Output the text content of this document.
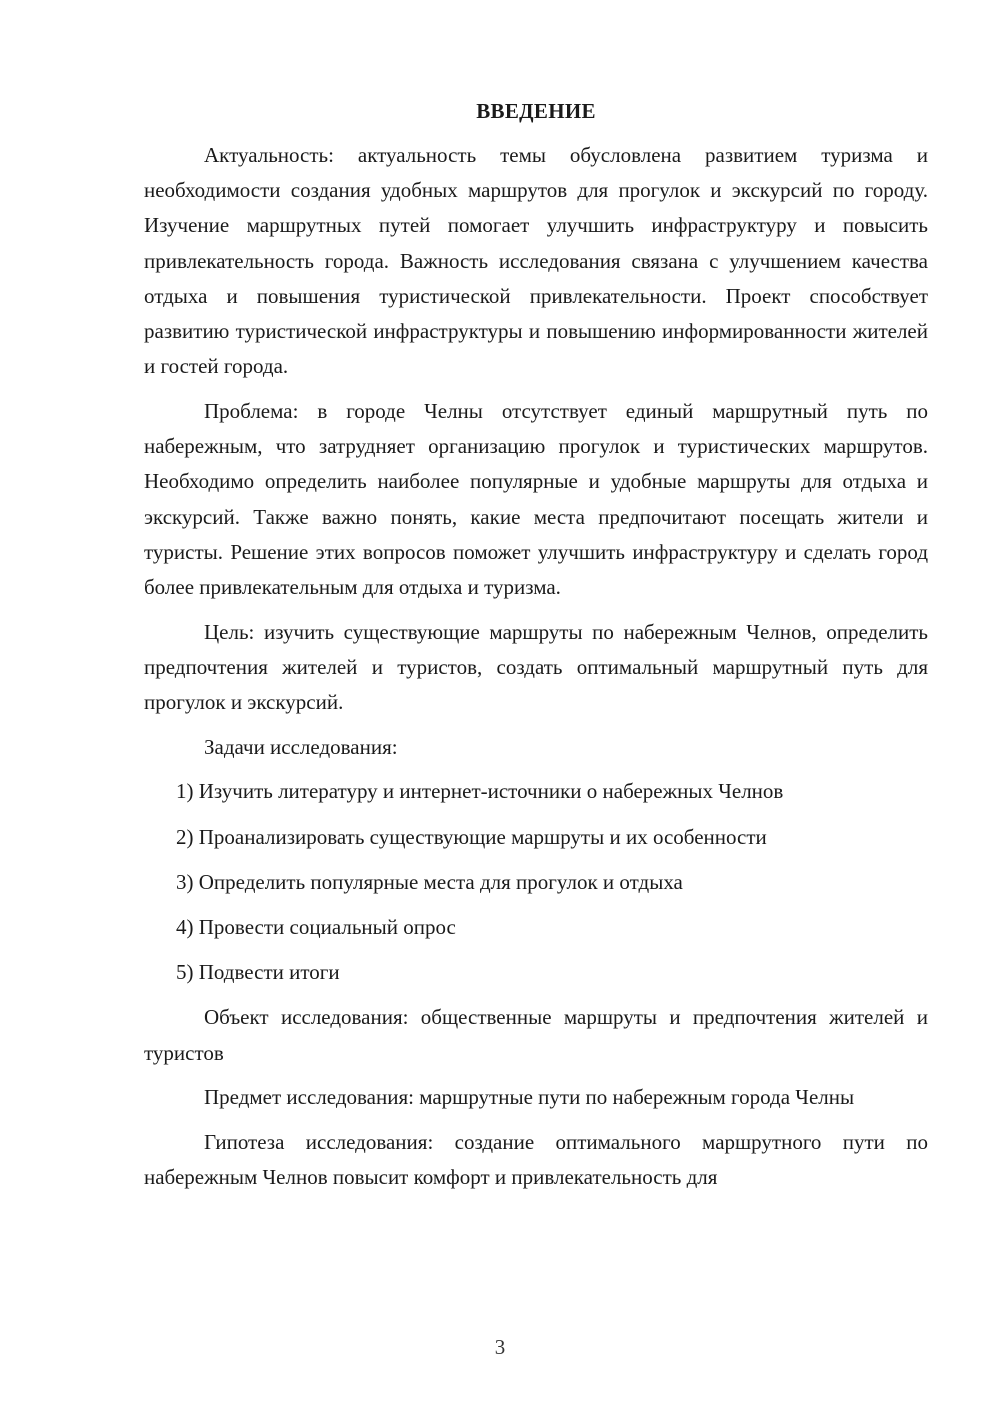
ВВЕДЕНИЕ

Актуальность: актуальность темы обусловлена развитием туризма и необходимости создания удобных маршрутов для прогулок и экскурсий по городу. Изучение маршрутных путей помогает улучшить инфраструктуру и повысить привлекательность города. Важность исследования связана с улучшением качества отдыха и повышения туристической привлекательности. Проект способствует развитию туристической инфраструктуры и повышению информированности жителей и гостей города.

Проблема: в городе Челны отсутствует единый маршрутный путь по набережным, что затрудняет организацию прогулок и туристических маршрутов. Необходимо определить наиболее популярные и удобные маршруты для отдыха и экскурсий. Также важно понять, какие места предпочитают посещать жители и туристы. Решение этих вопросов поможет улучшить инфраструктуру и сделать город более привлекательным для отдыха и туризма.

Цель: изучить существующие маршруты по набережным Челнов, определить предпочтения жителей и туристов, создать оптимальный маршрутный путь для прогулок и экскурсий.

Задачи исследования:

1) Изучить литературу и интернет-источники о набережных Челнов
2) Проанализировать существующие маршруты и их особенности
3) Определить популярные места для прогулок и отдыха
4) Провести социальный опрос
5) Подвести итоги

Объект исследования: общественные маршруты и предпочтения жителей и туристов

Предмет исследования: маршрутные пути по набережным города Челны

Гипотеза исследования: создание оптимального маршрутного пути по набережным Челнов повысит комфорт и привлекательность для

3
